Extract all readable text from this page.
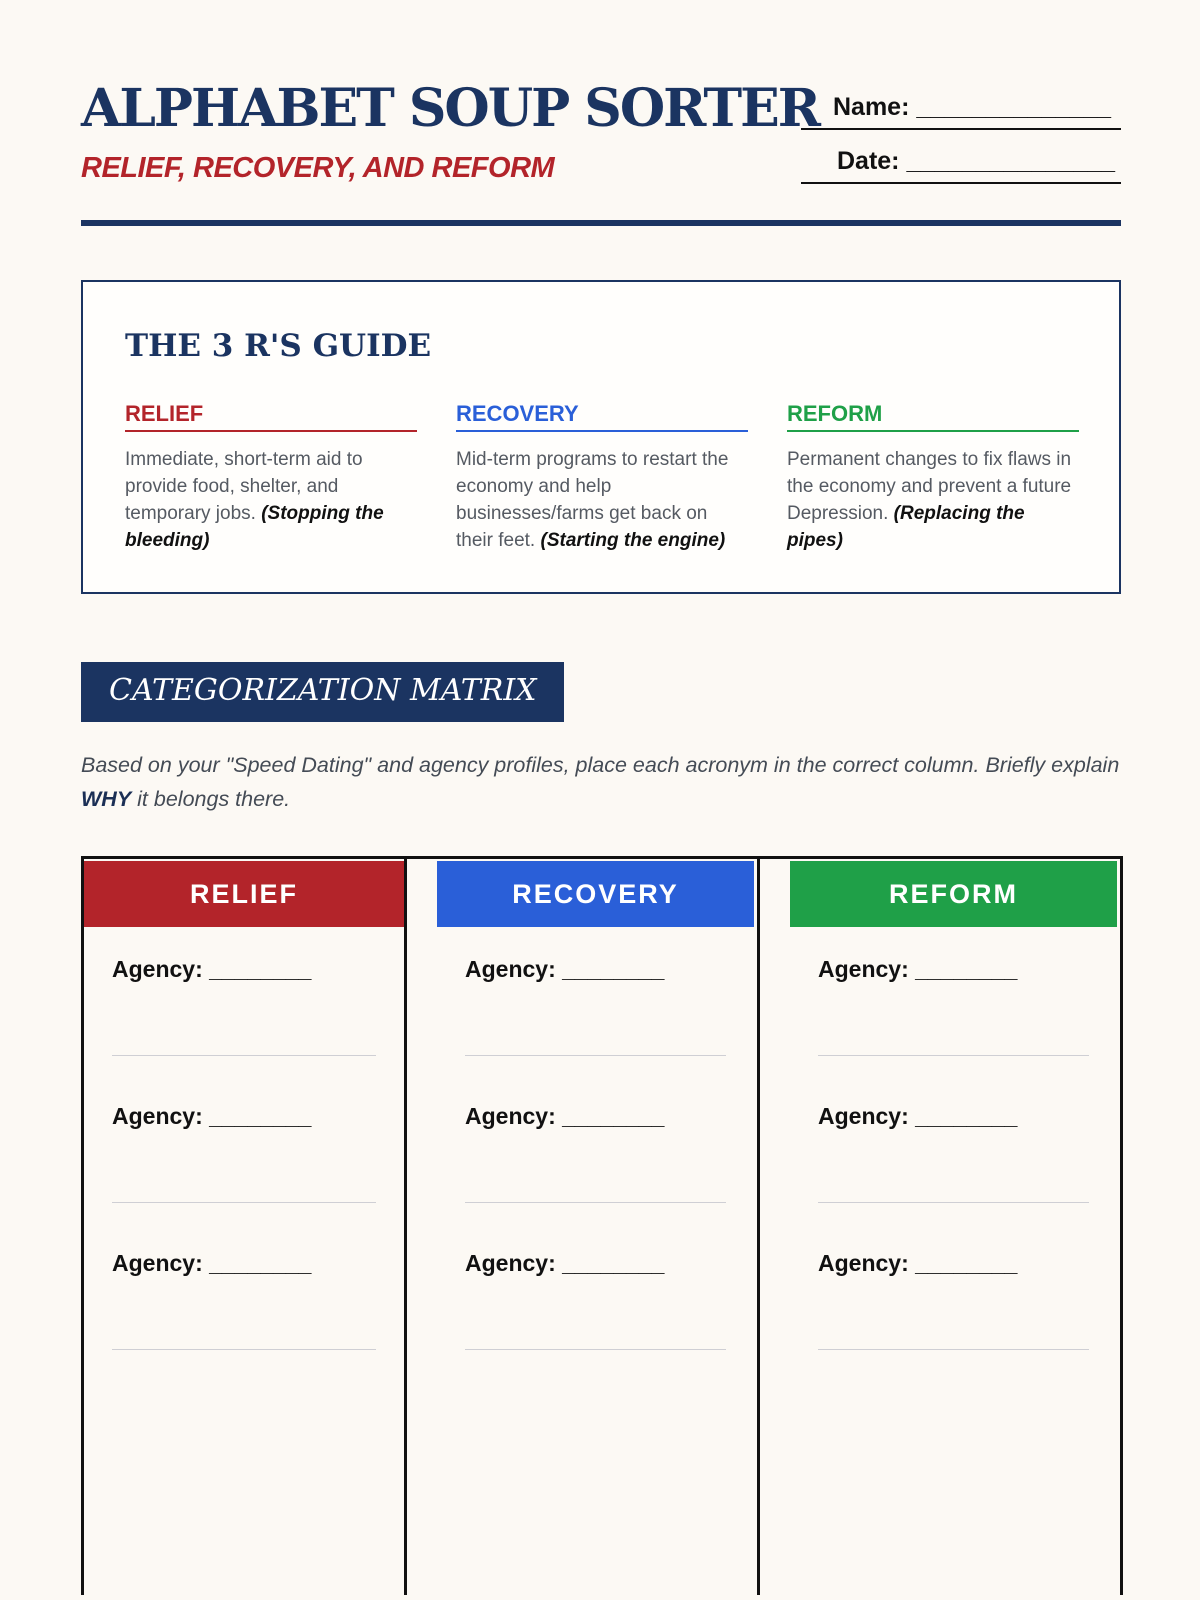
ALPHABET SOUP SORTER
RELIEF, RECOVERY, AND REFORM
Name: ______________
Date: _______________
THE 3 R'S GUIDE
RELIEF
Immediate, short-term aid to provide food, shelter, and temporary jobs. (Stopping the bleeding)
RECOVERY
Mid-term programs to restart the economy and help businesses/farms get back on their feet. (Starting the engine)
REFORM
Permanent changes to fix flaws in the economy and prevent a future Depression. (Replacing the pipes)
CATEGORIZATION MATRIX
Based on your "Speed Dating" and agency profiles, place each acronym in the correct column. Briefly explain WHY it belongs there.
RELIEF
Agency: ________
Agency: ________
Agency: ________
RECOVERY
Agency: ________
Agency: ________
Agency: ________
REFORM
Agency: ________
Agency: ________
Agency: ________
